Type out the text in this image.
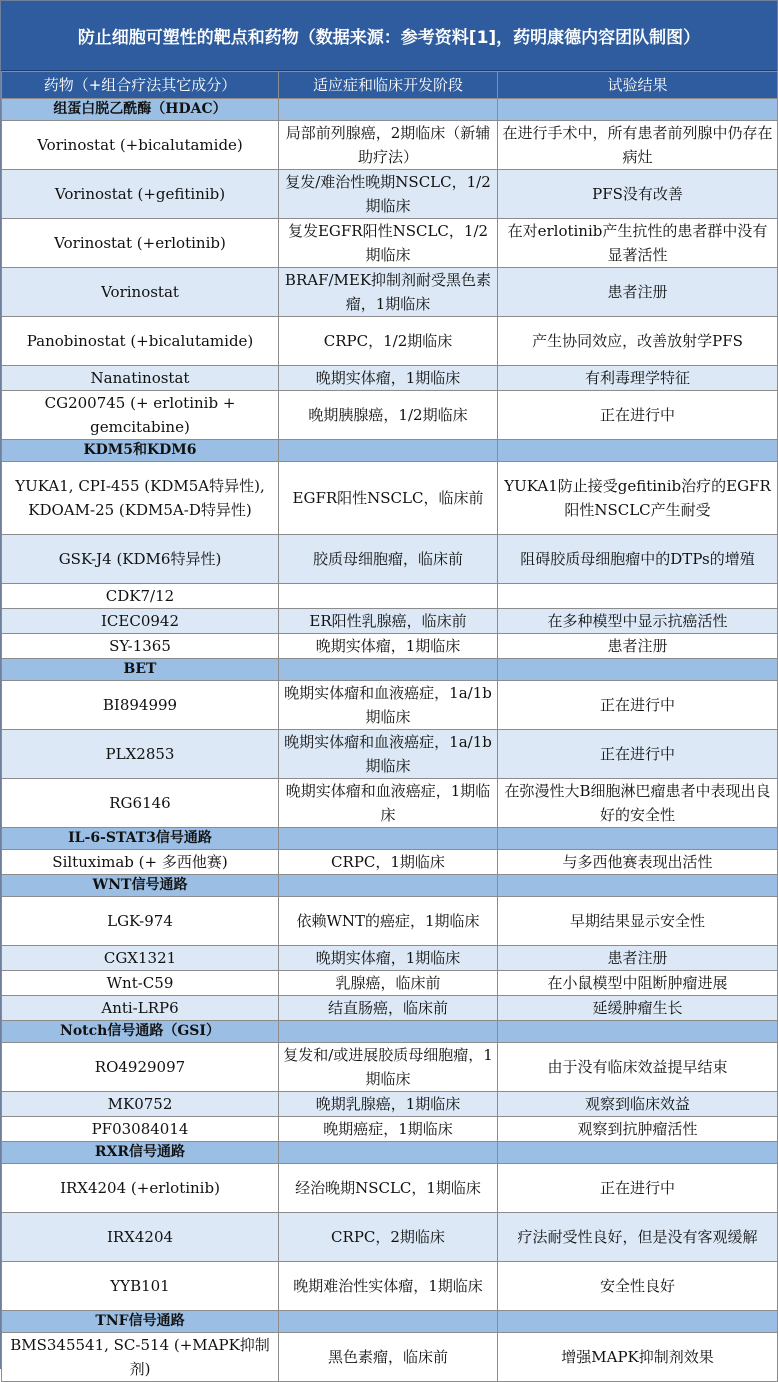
防止细胞可塑性的靶点和药物（数据来源：参考资料[1]，药明康德内容团队制图）
药物（+组合疗法其它成分）	适应症和临床开发阶段	试验结果
组蛋白脱乙酰酶（HDAC）		
Vorinostat (+bicalutamide)	局部前列腺癌，2期临床（新辅助疗法）	在进行手术中，所有患者前列腺中仍存在病灶
Vorinostat (+gefitinib)	复发/难治性晚期NSCLC，1/2期临床	PFS没有改善
Vorinostat (+erlotinib)	复发EGFR阳性NSCLC，1/2期临床	在对erlotinib产生抗性的患者群中没有显著活性
Vorinostat	BRAF/MEK抑制剂耐受黑色素瘤，1期临床	患者注册
Panobinostat (+bicalutamide)	CRPC，1/2期临床	产生协同效应，改善放射学PFS
Nanatinostat	晚期实体瘤，1期临床	有利毒理学特征
CG200745 (+ erlotinib + gemcitabine)	晚期胰腺癌，1/2期临床	正在进行中
KDM5和KDM6		
YUKA1, CPI-455 (KDM5A特异性), KDOAM-25 (KDM5A-D特异性)	EGFR阳性NSCLC，临床前	YUKA1防止接受gefitinib治疗的EGFR阳性NSCLC产生耐受
GSK-J4 (KDM6特异性)	胶质母细胞瘤，临床前	阻碍胶质母细胞瘤中的DTPs的增殖
CDK7/12		
ICEC0942	ER阳性乳腺癌，临床前	在多种模型中显示抗癌活性
SY-1365	晚期实体瘤，1期临床	患者注册
BET		
BI894999	晚期实体瘤和血液癌症，1a/1b期临床	正在进行中
PLX2853	晚期实体瘤和血液癌症，1a/1b期临床	正在进行中
RG6146	晚期实体瘤和血液癌症，1期临床	在弥漫性大B细胞淋巴瘤患者中表现出良好的安全性
IL-6-STAT3信号通路		
Siltuximab (+ 多西他赛)	CRPC，1期临床	与多西他赛表现出活性
WNT信号通路		
LGK-974	依赖WNT的癌症，1期临床	早期结果显示安全性
CGX1321	晚期实体瘤，1期临床	患者注册
Wnt-C59	乳腺癌，临床前	在小鼠模型中阻断肿瘤进展
Anti-LRP6	结直肠癌，临床前	延缓肿瘤生长
Notch信号通路（GSI）		
RO4929097	复发和/或进展胶质母细胞瘤，1期临床	由于没有临床效益提早结束
MK0752	晚期乳腺癌，1期临床	观察到临床效益
PF03084014	晚期癌症，1期临床	观察到抗肿瘤活性
RXR信号通路		
IRX4204 (+erlotinib)	经治晚期NSCLC，1期临床	正在进行中
IRX4204	CRPC，2期临床	疗法耐受性良好，但是没有客观缓解
YYB101	晚期难治性实体瘤，1期临床	安全性良好
TNF信号通路		
BMS345541, SC-514 (+MAPK抑制剂)	黑色素瘤，临床前	增强MAPK抑制剂效果
